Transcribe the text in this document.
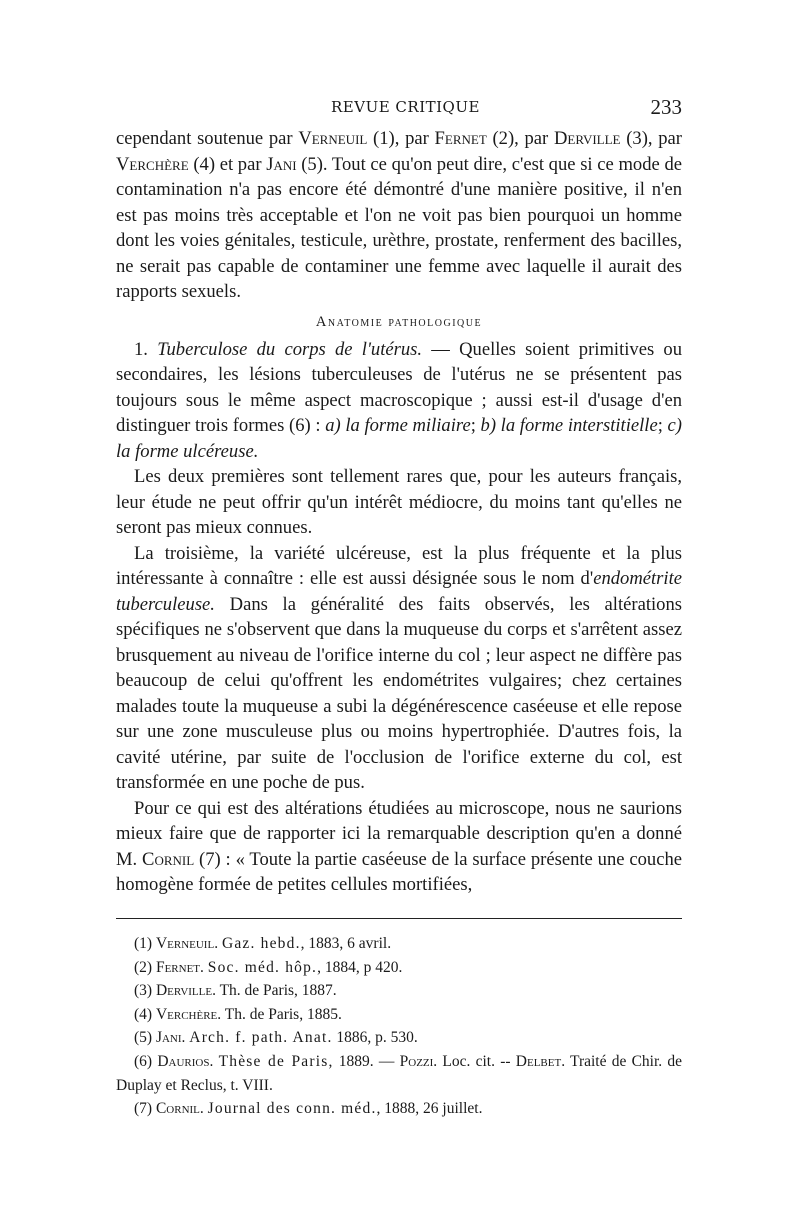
REVUE CRITIQUE	233

cependant soutenue par Verneuil (1), par Fernet (2), par Derville (3), par Verchère (4) et par Jani (5). Tout ce qu'on peut dire, c'est que si ce mode de contamination n'a pas encore été démontré d'une manière positive, il n'en est pas moins très acceptable et l'on ne voit pas bien pourquoi un homme dont les voies génitales, testicule, urèthre, prostate, renferment des bacilles, ne serait pas capable de contaminer une femme avec laquelle il aurait des rapports sexuels.

Anatomie pathologique

1. Tuberculose du corps de l'utérus. — Quelles soient primitives ou secondaires, les lésions tuberculeuses de l'utérus ne se présentent pas toujours sous le même aspect macroscopique ; aussi est-il d'usage d'en distinguer trois formes (6) : a) la forme miliaire; b) la forme interstitielle; c) la forme ulcéreuse.

Les deux premières sont tellement rares que, pour les auteurs français, leur étude ne peut offrir qu'un intérêt médiocre, du moins tant qu'elles ne seront pas mieux connues.

La troisième, la variété ulcéreuse, est la plus fréquente et la plus intéressante à connaître : elle est aussi désignée sous le nom d'endométrite tuberculeuse. Dans la généralité des faits observés, les altérations spécifiques ne s'observent que dans la muqueuse du corps et s'arrêtent assez brusquement au niveau de l'orifice interne du col ; leur aspect ne diffère pas beaucoup de celui qu'offrent les endométrites vulgaires; chez certaines malades toute la muqueuse a subi la dégénérescence caséeuse et elle repose sur une zone musculeuse plus ou moins hypertrophiée. D'autres fois, la cavité utérine, par suite de l'occlusion de l'orifice externe du col, est transformée en une poche de pus.

Pour ce qui est des altérations étudiées au microscope, nous ne saurions mieux faire que de rapporter ici la remarquable description qu'en a donné M. Cornil (7) : « Toute la partie caséeuse de la surface présente une couche homogène formée de petites cellules mortifiées,

(1) Verneuil. Gaz. hebd., 1883, 6 avril.
(2) Fernet. Soc. méd. hôp., 1884, p 420.
(3) Derville. Th. de Paris, 1887.
(4) Verchère. Th. de Paris, 1885.
(5) Jani. Arch. f. path. Anat. 1886, p. 530.
(6) Daurios. Thèse de Paris, 1889. — Pozzi. Loc. cit. -- Delbet. Traité de Chir. de Duplay et Reclus, t. VIII.
(7) Cornil. Journal des conn. méd., 1888, 26 juillet.
